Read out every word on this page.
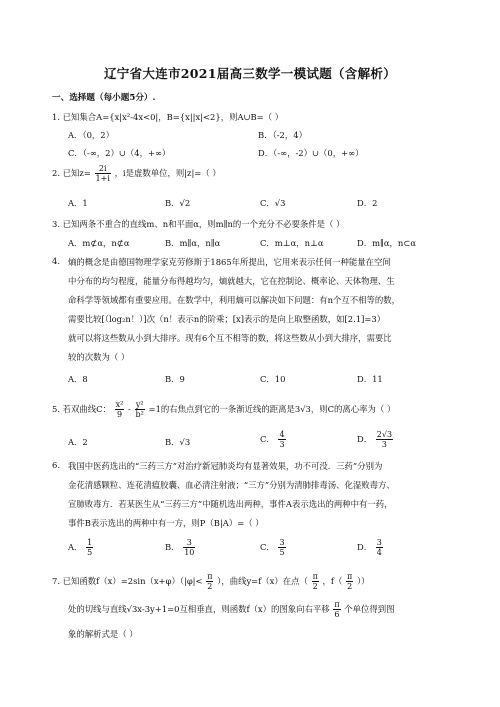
辽宁省大连市2021届高三数学一模试题（含解析）
一、选择题（每小题5分）.
1. 已知集合A={x|x²-4x<0|，B={x||x|<2}，则A∪B=（ ）
A．（0，2）	B．（-2，4）
C．（-∞，2）∪（4，+∞）	D．（-∞，-2）∪（0，+∞）
2. 已知$z= \frac{2i}{1+i}$ ，i是虚数单位，则|z|=（ ）
A．1	B．√2	C．√3	D．2
3. 已知两条不重合的直线m、n和平面α，则m∥n的一个充分不必要条件是（ ）
A．m⊄α，n⊄α	B．m∥α，n∥α	C．m⊥α，n⊥α	D．m∥α，n⊂α
4. 熵的概念是由德国物理学家克劳修斯于1865年所提出，它用来表示任何一种能量在空间
中分布的均匀程度，能量分布得越均匀，熵就越大，它在控制论、概率论、天体物理、生
命科学等领域都有重要应用。在数学中，利用熵可以解决如下问题：有n个互不相等的数，
需要比较[（log₂n！）]次（n！表示n的阶乘；[x]表示的是向上取整函数，如[2.1]=3）
就可以将这些数从小到大排序。现有6个互不相等的数，将这些数从小到大排序，需要比
较的次数为（ ）
A．8	B．9	C．10	D．11
5. 若双曲线C： $\frac{\text{x²}}{9} - \frac{\text{y²}}{\text{b²}} =1$的右焦点到它的一条渐近线的距离是3√3，则C的离心率为（ ）
A．2	B．√3	C． $\frac{4}{3}$	D． $\frac{2√3}{3}$
6. 我国中医药选出的“三药三方”对治疗新冠肺炎均有显著效果，功不可没．三药”分别为
金花清感颗粒、连花清瘟胶囊、血必清注射液；“三方”分别为清肺排毒汤、化湿败毒方、
宣肺败毒方．若某医生从“三药三方”中随机选出两种，事件A表示选出的两种中有一药，
事件B表示选出的两种中有一方，则P（B|A）=（ ）
A． $\frac{1}{5}$	B． $\frac{3}{10}$	C． $\frac{3}{5}$	D． $\frac{3}{4}$
7. 已知函数$f(x)=2\sin(x+\varphi)(|\varphi|< \frac{\pi}{2}$ ），曲线y=f（x）在点（ $\frac{\pi}{2}$ ，$f( \frac{\pi}{2}$ ））
处的切线与直线√3x-3y+1=0互相垂直，则函数f（x）的图象向右平移 $\frac{\pi}{6}$ 个单位得到图
象的解析式是（ ）
